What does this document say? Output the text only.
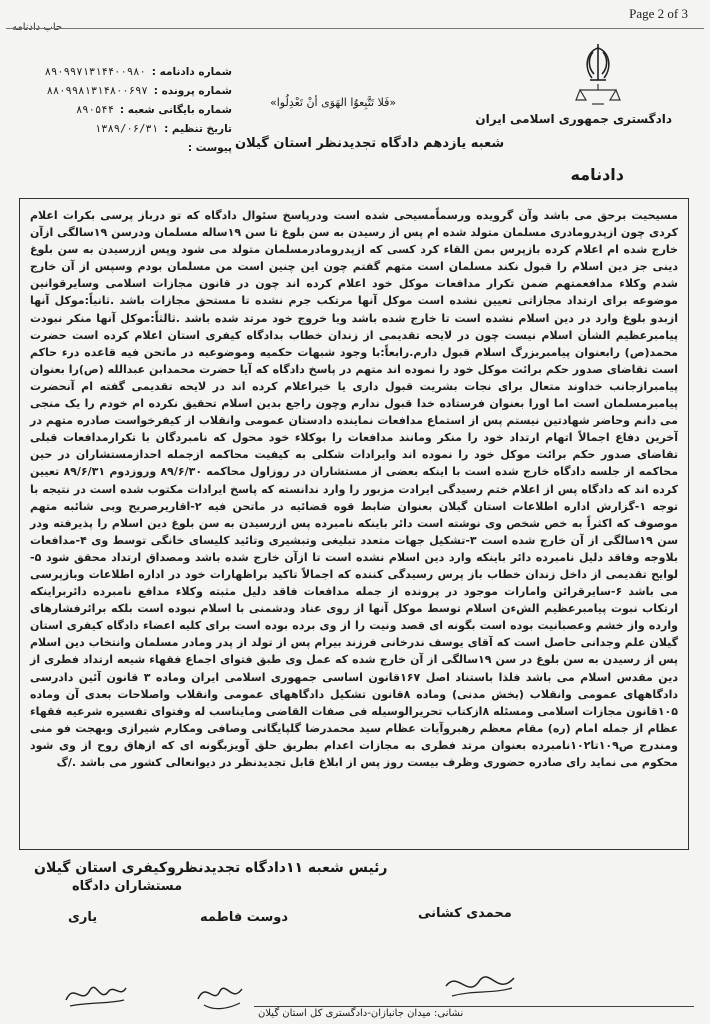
Page 2 of 3
حاب دادنامه
دادگستری جمهوری اسلامی ایران
«فَلا تَتَّبِعوُا الهَوَى أنْ تَعْدِلُوا»
شعبه یازدهم دادگاه تجدیدنظر استان گیلان
دادنامه
شماره دادنامه :
۸۹۰۹۹۷۱۳۱۴۴۰۰۹۸۰
شماره پرونده :
۸۸۰۹۹۸۱۳۱۴۸۰۰۶۹۷
شماره بایگانی شعبه :
۸۹۰۵۴۴
تاریخ تنظیم :
۱۳۸۹/۰۶/۳۱
پیوست :

مسیحیت برحق می باشد وآن گرویده ورسماًمسیحی شده است ودرپاسخ سئوال دادگاه که تو درباز پرسی بکرات اعلام کردی چون ازپدرومادری مسلمان متولد شده ام پس از رسیدن به سن بلوغ تا سن ۱۹ساله مسلمان ودرسن ۱۹سالگی ازآن خارج شده ام اعلام کرده بازپرس بمن القاء کرد کسی که ازپدرومادرمسلمان متولد می شود وپس ازرسیدن به سن بلوغ دینی جز دین اسلام را قبول نکند مسلمان است متهم گفتم چون این چنین است من مسلمان بودم وسپس از آن خارج شدم وکلاء مدافعمتهم ضمن تکرار مدافعات موکل خود اعلام کرده اند چون در قانون مجازات اسلامی وسایرقوانین موضوعه برای ارتداد مجازاتی تعیین نشده است موکل آنها مرتکب جرم نشده تا مستحق مجازات باشد .ثانیاً:موکل آنها ازبدو بلوغ وارد در دین اسلام نشده است تا خارج شده باشد ویا خروج خود مرتد شده باشد .ثالثاً:موکل آنها منکر نبودت پیامبرعظیم الشأن اسلام نیست چون در لایحه تقدیمی از زندان خطاب بدادگاه کیفری استان اعلام کرده است حضرت محمد(ص) رابعنوان پیامبربزرگ اسلام قبول دارم.رابعاً:با وجود شبهات حکمیه وموضوعیه در ماتحن فیه قاعده درء حاکم است تقاضای صدور حکم برائت موکل خود را نموده اند متهم در پاسخ دادگاه که آیا حضرت محمدابن عبدالله (ص)را بعنوان پیامبرازجانب خداوند متعال برای نجات بشریت قبول داری یا خیراعلام کرده اند در لایحه تقدیمی گفته ام آنحضرت پیامبرمسلمان است اما اورا بعنوان فرستاده خدا قبول ندارم وچون راجع بدین اسلام تحقیق نکرده ام خودم را یک منجی می دانم وحاضر شهادتین نیستم پس از استماع مدافعات نماینده دادستان عمومی وانقلاب از کیفرخواست صادره متهم در آخرین دفاع اجمالاً اتهام ارتداد خود را منکر ومانند مدافعات را بوکلاء خود محول که نامبردگان با تکرارمدافعات قبلی تقاضای صدور حکم برائت موکل خود را نموده اند وایرادات شکلی به کیفیت محاکمه ازجمله احدازمستشاران در حین محاکمه از جلسه دادگاه خارج شده است با اینکه بعضی از مستشاران در روزاول محاکمه ۸۹/۶/۳۰ وروزدوم ۸۹/۶/۳۱ تعیین کرده اند که دادگاه پس از اعلام ختم رسیدگی ایرادت مزبور را وارد ندانسته که پاسخ ایرادات مکتوب شده است در نتیجه با توجه ۱-گزارش اداره اطلاعات استان گیلان بعنوان ضابط قوه قضائیه در ماتحن فیه ۲-اقاریرصریح وبی شائبه متهم موصوف که اکثراً به خص شخص وی نوشته است دائر باینکه نامبرده پس ازرسیدن به سن بلوغ دین اسلام را پذیرفته ودر سن ۱۹سالگی از آن خارج شده است ۳-تشکیل جهات متعدد تبلیغی وتبشیری وتائید کلیسای خانگی توسط وی ۴-مدافعات بلاوجه وفاقد دلیل نامبرده دائر باینکه وارد دین اسلام نشده است تا ازآن خارج شده باشد ومصداق ارتداد محقق شود ۵-لوایح تقدیمی از داخل زندان خطاب باز پرس رسیدگی کننده که اجمالاً تاکید براظهارات خود در اداره اطلاعات وبازپرسی می باشد ۶-سایرقرائن وامارات موجود در پرونده از جمله مدافعات فاقد دلیل مثبته وکلاء مدافع نامبرده دائربراینکه ارتکاب نبوت پیامبرعظیم الشءن اسلام توسط موکل آنها از روی عناد ودشمنی با اسلام نبوده است بلکه برائرفشارهای وارده واز خشم وعصبانیت بوده است بگونه ای قصد ونیت را از وی برده بوده است برای کلیه اعضاء دادگاه کیفری استان گیلان علم وجدانی حاصل است که آقای یوسف ندرخانی فرزند بیرام پس از تولد از پدر ومادر مسلمان وانتخاب دین اسلام پس از رسیدن به سن بلوغ در سن ۱۹سالگی از آن خارج شده که عمل وی طبق فتوای اجماع فقهاء شیعه ارتداد فطری از دین مقدس اسلام می باشد فلذا باستناد اصل ۱۶۷قانون اساسی جمهوری اسلامی ایران وماده ۳ قانون آئین دادرسی دادگاههای عمومی وانقلاب (بخش مدنی) وماده ۸قانون تشکیل دادگاههای عمومی وانقلاب واصلاحات بعدی آن وماده ۱۰۵قانون مجازات اسلامی ومسئله ۸ازکتاب تحریرالوسیله فی صفات القاضی ومایناسب له وفتوای تفسیره شرعیه فقهاء عظام از جمله امام (ره) مقام معظم رهبروآیات عظام سید محمدرضا گلپایگانی وصافی ومکارم شیرازی وبهجت فو منی ومندرج ص۱۰۹تا۱۰۲نامبرده بعنوان مرتد فطری به مجازات اعدام بطریق حلق آویزبگونه ای که ازهاق روح از وی شود محکوم می نماید رای صادره حضوری وظرف بیست روز پس از ابلاغ قابل تجدیدنظر در دیوانعالی کشور می باشد ./گ

رئیس شعبه ۱۱دادگاه تجدیدنظروکیفری استان گیلان
مستشاران دادگاه
محمدی کشانی
دوست فاطمه
یاری
نشانی: میدان جانبازان-دادگستری کل استان گیلان
